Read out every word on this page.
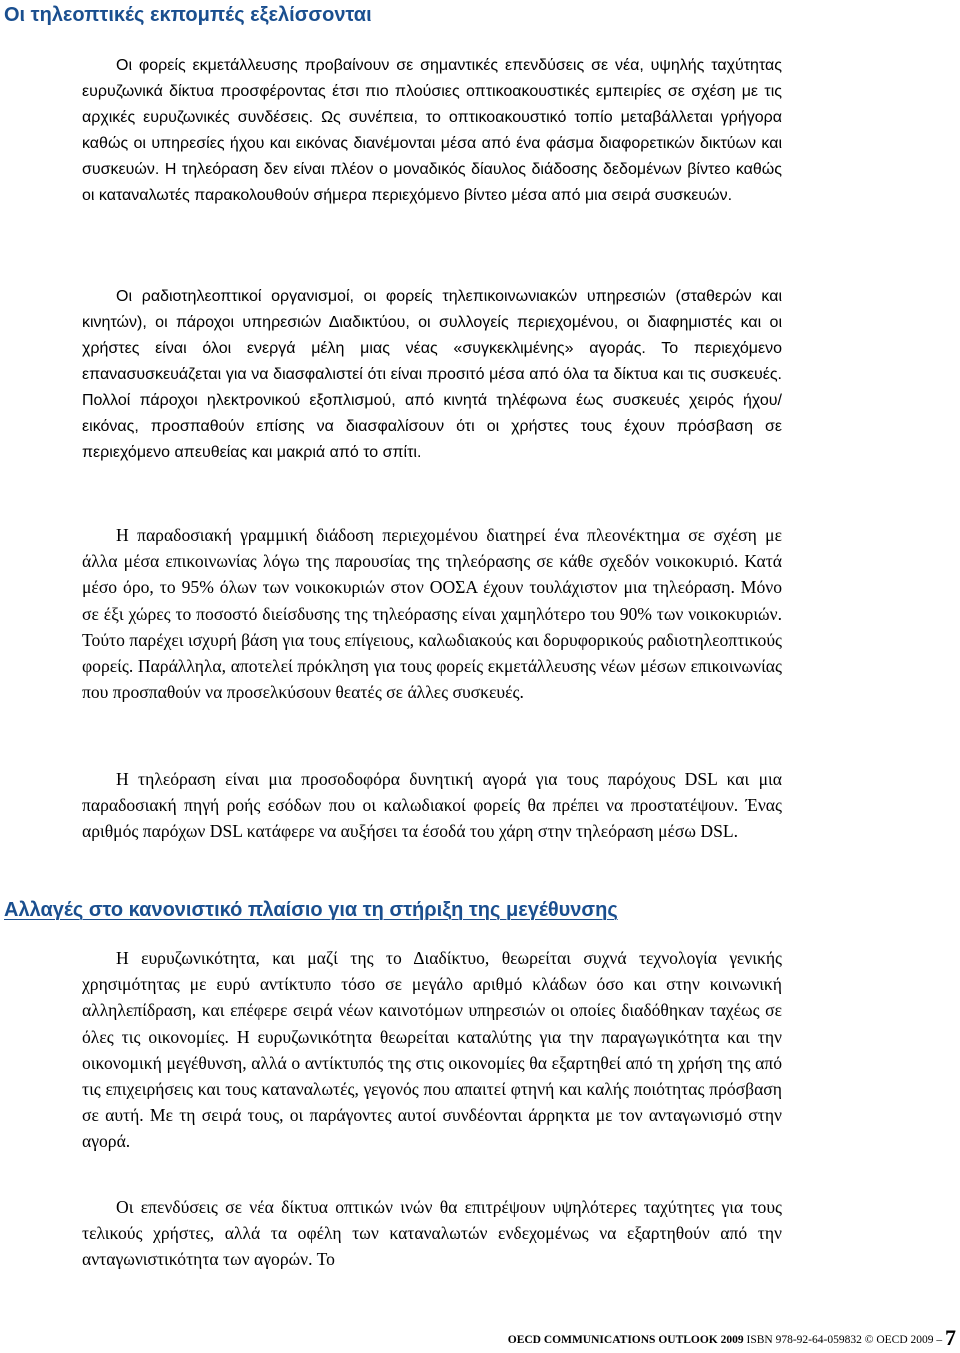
Οι τηλεοπτικές εκπομπές εξελίσσονται

Οι φορείς εκμετάλλευσης προβαίνουν σε σημαντικές επενδύσεις σε νέα, υψηλής ταχύτητας ευρυζωνικά δίκτυα προσφέροντας έτσι πιο πλούσιες οπτικοακουστικές εμπειρίες σε σχέση με τις αρχικές ευρυζωνικές συνδέσεις. Ως συνέπεια, το οπτικοακουστικό τοπίο μεταβάλλεται γρήγορα καθώς οι υπηρεσίες ήχου και εικόνας διανέμονται μέσα από ένα φάσμα διαφορετικών δικτύων και συσκευών. Η τηλεόραση δεν είναι πλέον ο μοναδικός δίαυλος διάδοσης δεδομένων βίντεο καθώς οι καταναλωτές παρακολουθούν σήμερα περιεχόμενο βίντεο μέσα από μια σειρά συσκευών.

Οι ραδιοτηλεοπτικοί οργανισμοί, οι φορείς τηλεπικοινωνιακών υπηρεσιών (σταθερών και κινητών), οι πάροχοι υπηρεσιών Διαδικτύου, οι συλλογείς περιεχομένου, οι διαφημιστές και οι χρήστες είναι όλοι ενεργά μέλη μιας νέας «συγκεκλιμένης» αγοράς. Το περιεχόμενο επανασυσκευάζεται για να διασφαλιστεί ότι είναι προσιτό μέσα από όλα τα δίκτυα και τις συσκευές. Πολλοί πάροχοι ηλεκτρονικού εξοπλισμού, από κινητά τηλέφωνα έως συσκευές χειρός ήχου/εικόνας, προσπαθούν επίσης να διασφαλίσουν ότι οι χρήστες τους έχουν πρόσβαση σε περιεχόμενο απευθείας και μακριά από το σπίτι.

Η παραδοσιακή γραμμική διάδοση περιεχομένου διατηρεί ένα πλεονέκτημα σε σχέση με άλλα μέσα επικοινωνίας λόγω της παρουσίας της τηλεόρασης σε κάθε σχεδόν νοικοκυριό. Κατά μέσο όρο, το 95% όλων των νοικοκυριών στον ΟΟΣΑ έχουν τουλάχιστον μια τηλεόραση. Μόνο σε έξι χώρες το ποσοστό διείσδυσης της τηλεόρασης είναι χαμηλότερο του 90% των νοικοκυριών. Τούτο παρέχει ισχυρή βάση για τους επίγειους, καλωδιακούς και δορυφορικούς ραδιοτηλεοπτικούς φορείς. Παράλληλα, αποτελεί πρόκληση για τους φορείς εκμετάλλευσης νέων μέσων επικοινωνίας που προσπαθούν να προσελκύσουν θεατές σε άλλες συσκευές.

Η τηλεόραση είναι μια προσοδοφόρα δυνητική αγορά για τους παρόχους DSL και μια παραδοσιακή πηγή ροής εσόδων που οι καλωδιακοί φορείς θα πρέπει να προστατέψουν. Ένας αριθμός παρόχων DSL κατάφερε να αυξήσει τα έσοδά του χάρη στην τηλεόραση μέσω DSL.

Αλλαγές στο κανονιστικό πλαίσιο για τη στήριξη της μεγέθυνσης

Η ευρυζωνικότητα, και μαζί της το Διαδίκτυο, θεωρείται συχνά τεχνολογία γενικής χρησιμότητας με ευρύ αντίκτυπο τόσο σε μεγάλο αριθμό κλάδων όσο και στην κοινωνική αλληλεπίδραση, και επέφερε σειρά νέων καινοτόμων υπηρεσιών οι οποίες διαδόθηκαν ταχέως σε όλες τις οικονομίες. Η ευρυζωνικότητα θεωρείται καταλύτης για την παραγωγικότητα και την οικονομική μεγέθυνση, αλλά ο αντίκτυπός της στις οικονομίες θα εξαρτηθεί από τη χρήση της από τις επιχειρήσεις και τους καταναλωτές, γεγονός που απαιτεί φτηνή και καλής ποιότητας πρόσβαση σε αυτή. Με τη σειρά τους, οι παράγοντες αυτοί συνδέονται άρρηκτα με τον ανταγωνισμό στην αγορά.

Οι επενδύσεις σε νέα δίκτυα οπτικών ινών θα επιτρέψουν υψηλότερες ταχύτητες για τους τελικούς χρήστες, αλλά τα οφέλη των καταναλωτών ενδεχομένως να εξαρτηθούν από την ανταγωνιστικότητα των αγορών. Το

OECD COMMUNICATIONS OUTLOOK 2009 ISBN 978-92-64-059832 © OECD 2009 – 7
